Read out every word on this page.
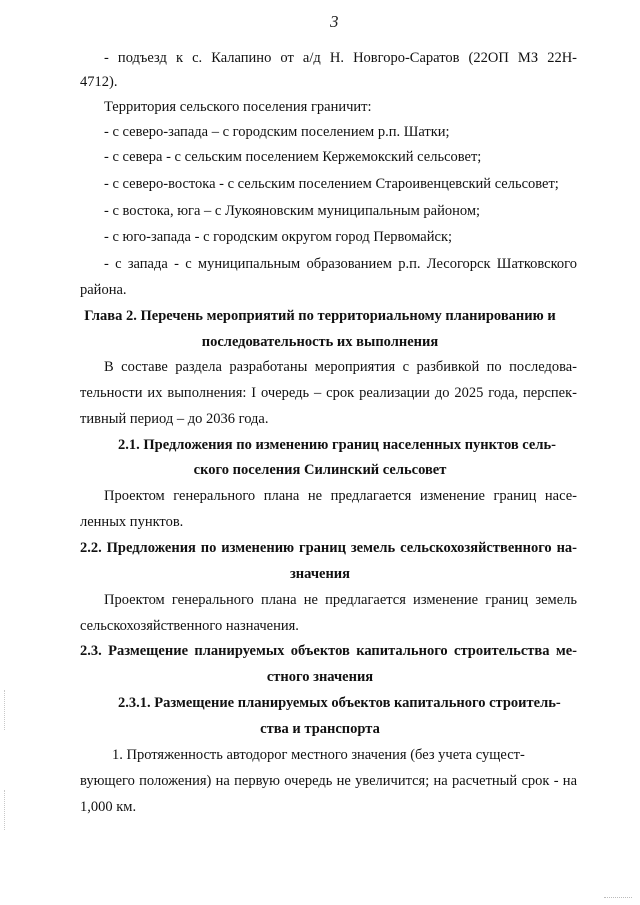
3
- подъезд к с. Калапино от а/д Н. Новгоро-Саратов (22ОП МЗ 22Н-
4712).
Территория сельского поселения граничит:
- с северо-запада – с городским поселением р.п. Шатки;
- с севера - с сельским поселением Кержемокский сельсовет;
- с северо-востока - с сельским поселением Староивенцевский сельсовет;
- с востока, юга – с Лукояновским муниципальным районом;
- с юго-запада - с городским округом город Первомайск;
- с запада - с муниципальным образованием р.п. Лесогорск Шатковского
района.
Глава 2. Перечень мероприятий по территориальному планированию и
последовательность их выполнения
В составе раздела разработаны мероприятия с разбивкой по последова-
тельности их выполнения: I очередь – срок реализации до 2025 года, перспек-
тивный период – до 2036 года.
2.1. Предложения по изменению границ населенных пунктов сель-
ского поселения Силинский сельсовет
Проектом генерального плана не предлагается изменение границ насе-
ленных пунктов.
2.2. Предложения по изменению границ земель сельскохозяйственного на-
значения
Проектом генерального плана не предлагается изменение границ земель
сельскохозяйственного назначения.
2.3. Размещение планируемых объектов капитального строительства ме-
стного значения
2.3.1. Размещение планируемых объектов капитального строитель-
ства и транспорта
1. Протяженность автодорог местного значения (без учета сущест-
вующего положения) на первую очередь не увеличится; на расчетный срок - на
1,000 км.
